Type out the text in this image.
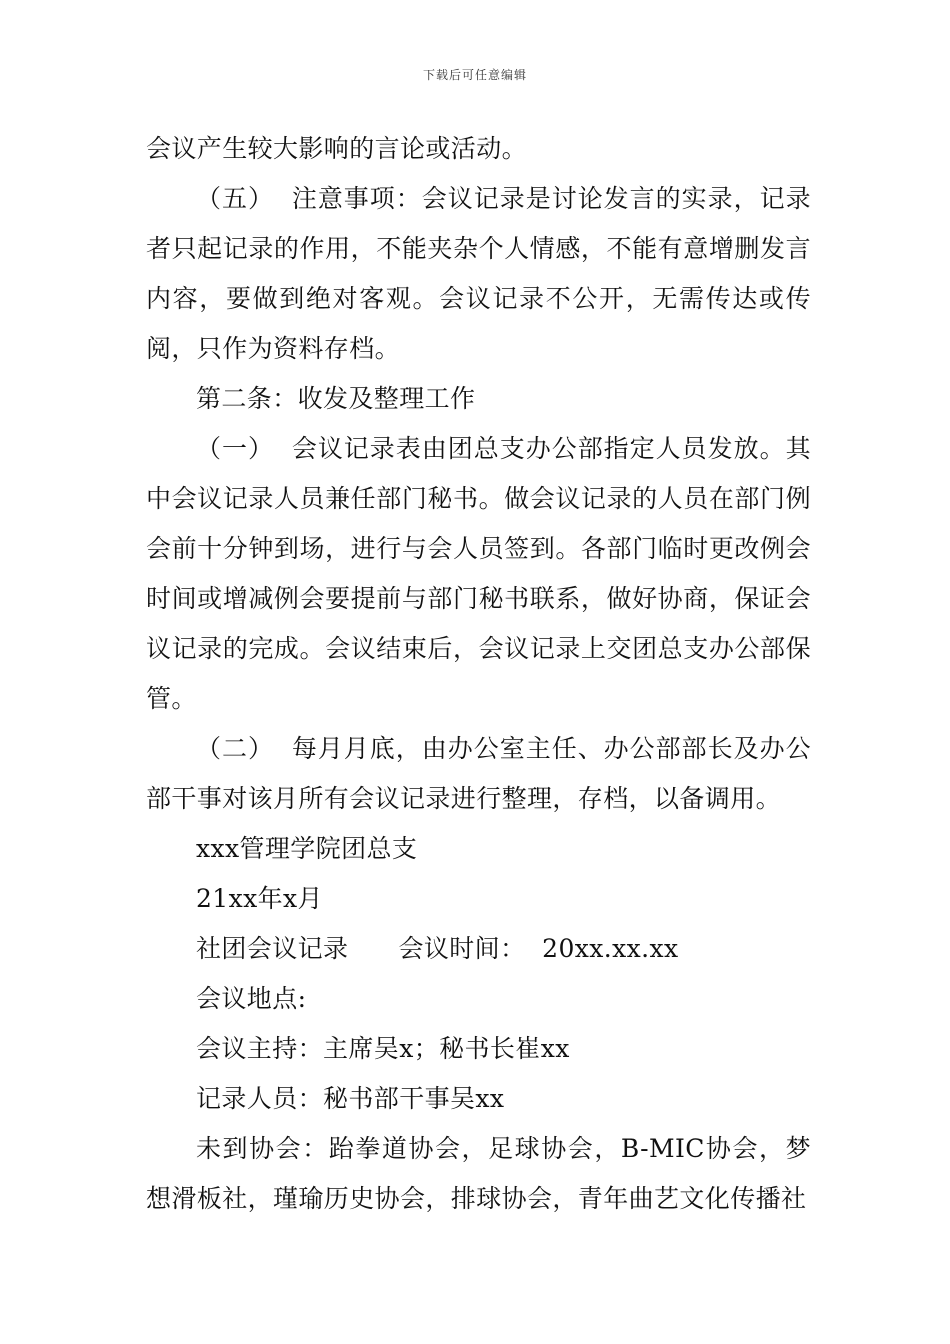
下载后可任意编辑

会议产生较大影响的言论或活动。

（五）  注意事项：会议记录是讨论发言的实录，记录者只起记录的作用，不能夹杂个人情感，不能有意增删发言内容，要做到绝对客观。会议记录不公开，无需传达或传阅，只作为资料存档。

第二条：收发及整理工作

（一）  会议记录表由团总支办公部指定人员发放。其中会议记录人员兼任部门秘书。做会议记录的人员在部门例会前十分钟到场，进行与会人员签到。各部门临时更改例会时间或增减例会要提前与部门秘书联系，做好协商，保证会议记录的完成。会议结束后，会议记录上交团总支办公部保管。

（二）  每月月底，由办公室主任、办公部部长及办公部干事对该月所有会议记录进行整理，存档，以备调用。

xxx管理学院团总支

21xx年x月

社团会议记录      会议时间：  20xx.xx.xx

会议地点:

会议主持：主席吴x；秘书长崔xx

记录人员：秘书部干事吴xx

未到协会：跆拳道协会，足球协会，B-MIC协会，梦想滑板社，瑾瑜历史协会，排球协会，青年曲艺文化传播社
